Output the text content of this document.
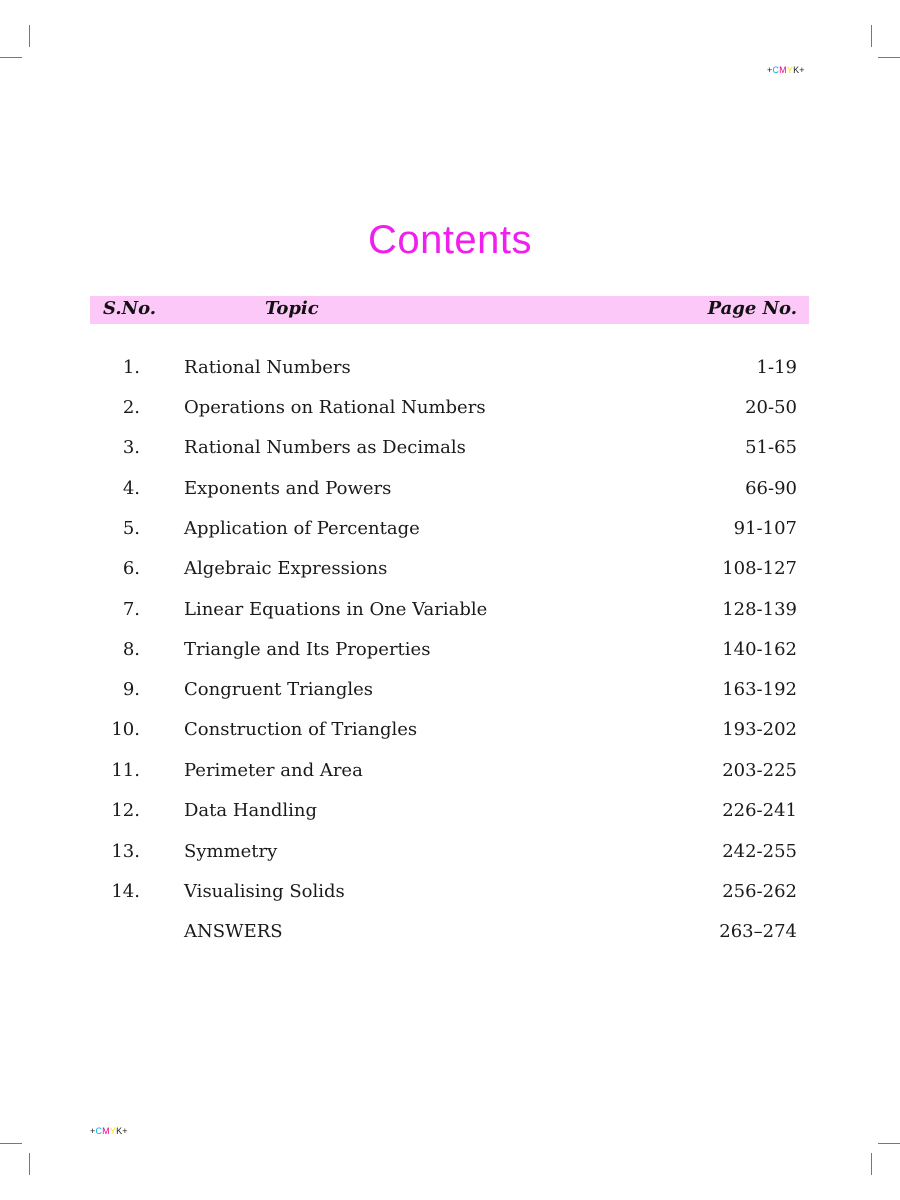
+CMYK+
+CMYK+
Contents
S.No.	Topic	Page No.
1. Rational Numbers	1-19
2. Operations on Rational Numbers	20-50
3. Rational Numbers as Decimals	51-65
4. Exponents and Powers	66-90
5. Application of Percentage	91-107
6. Algebraic Expressions	108-127
7. Linear Equations in One Variable	128-139
8. Triangle and Its Properties	140-162
9. Congruent Triangles	163-192
10. Construction of Triangles	193-202
11. Perimeter and Area	203-225
12. Data Handling	226-241
13. Symmetry	242-255
14. Visualising Solids	256-262
ANSWERS	263–274
